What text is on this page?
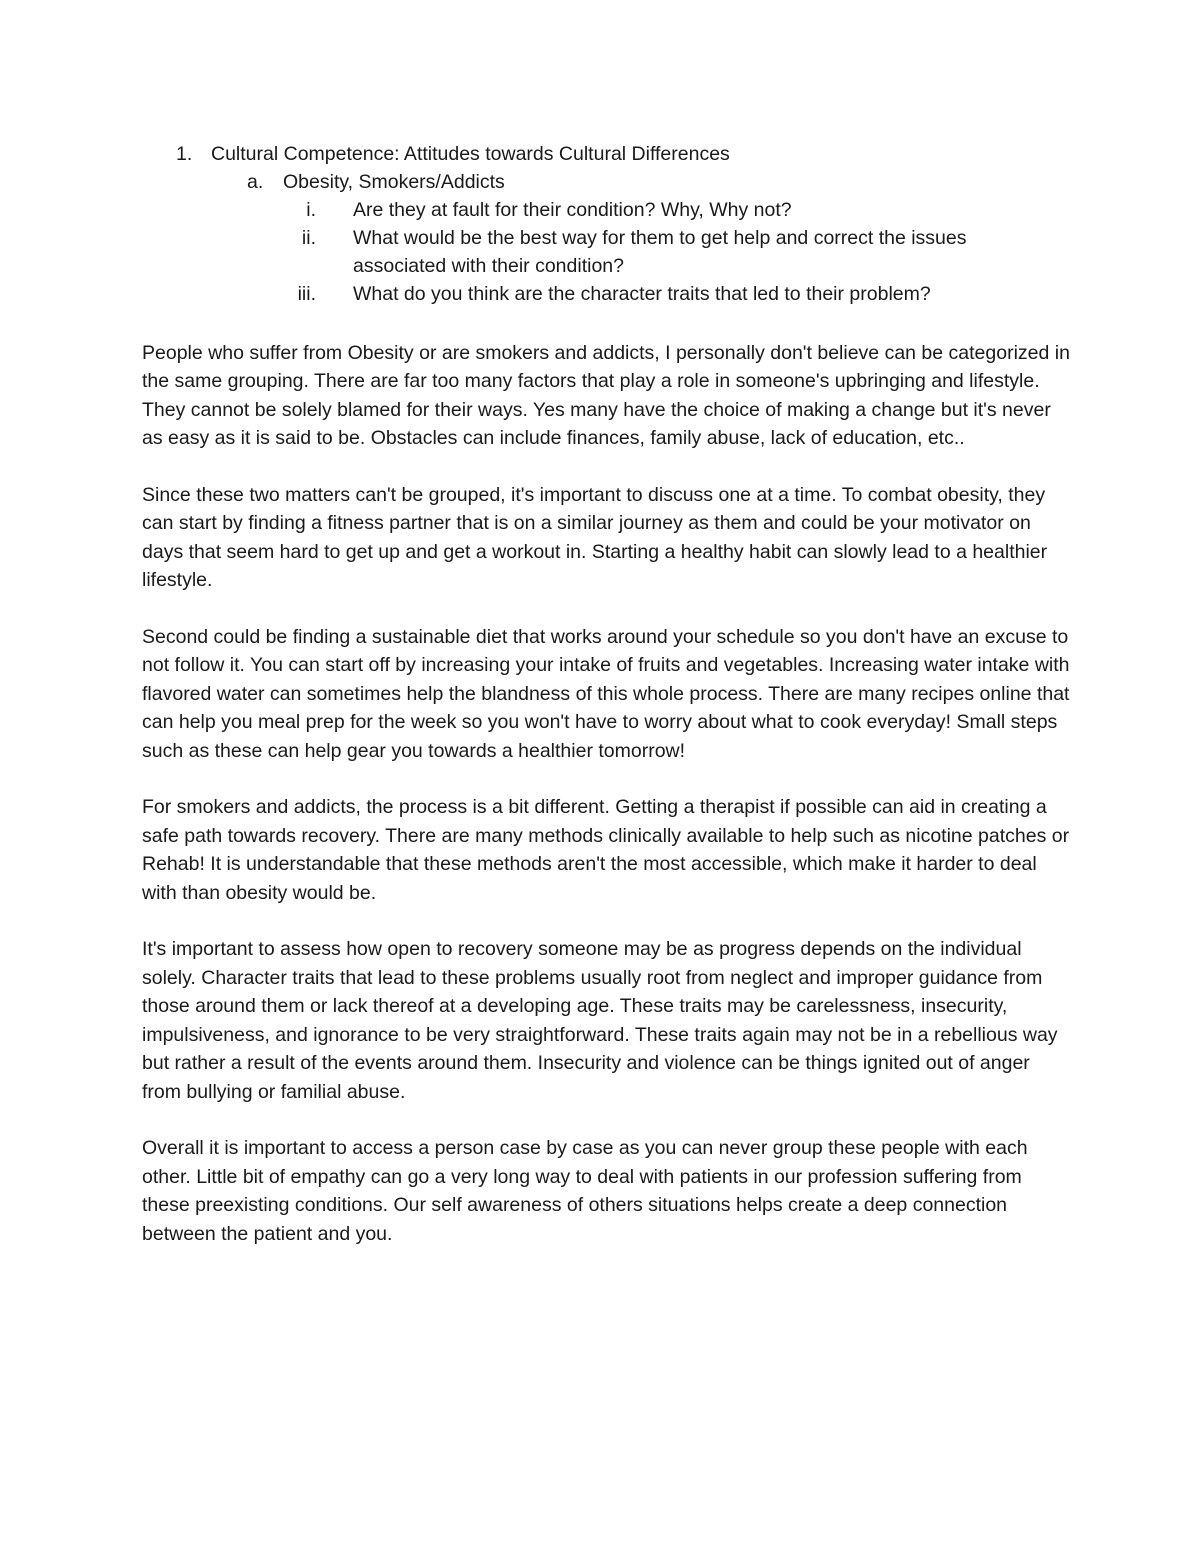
1. Cultural Competence: Attitudes towards Cultural Differences
a. Obesity, Smokers/Addicts
i. Are they at fault for their condition? Why, Why not?
ii. What would be the best way for them to get help and correct the issues associated with their condition?
iii. What do you think are the character traits that led to their problem?

People who suffer from Obesity or are smokers and addicts, I personally don't believe can be categorized in the same grouping. There are far too many factors that play a role in someone's upbringing and lifestyle. They cannot be solely blamed for their ways. Yes many have the choice of making a change but it's never as easy as it is said to be. Obstacles can include finances, family abuse, lack of education, etc..

Since these two matters can't be grouped, it's important to discuss one at a time. To combat obesity, they can start by finding a fitness partner that is on a similar journey as them and could be your motivator on days that seem hard to get up and get a workout in. Starting a healthy habit can slowly lead to a healthier lifestyle.

Second could be finding a sustainable diet that works around your schedule so you don't have an excuse to not follow it. You can start off by increasing your intake of fruits and vegetables. Increasing water intake with flavored water can sometimes help the blandness of this whole process. There are many recipes online that can help you meal prep for the week so you won't have to worry about what to cook everyday! Small steps such as these can help gear you towards a healthier tomorrow!

For smokers and addicts, the process is a bit different. Getting a therapist if possible can aid in creating a safe path towards recovery. There are many methods clinically available to help such as nicotine patches or Rehab! It is understandable that these methods aren't the most accessible, which make it harder to deal with than obesity would be.

It's important to assess how open to recovery someone may be as progress depends on the individual solely. Character traits that lead to these problems usually root from neglect and improper guidance from those around them or lack thereof at a developing age. These traits may be carelessness, insecurity, impulsiveness, and ignorance to be very straightforward. These traits again may not be in a rebellious way but rather a result of the events around them. Insecurity and violence can be things ignited out of anger from bullying or familial abuse.

Overall it is important to access a person case by case as you can never group these people with each other. Little bit of empathy can go a very long way to deal with patients in our profession suffering from these preexisting conditions. Our self awareness of others situations helps create a deep connection between the patient and you.
